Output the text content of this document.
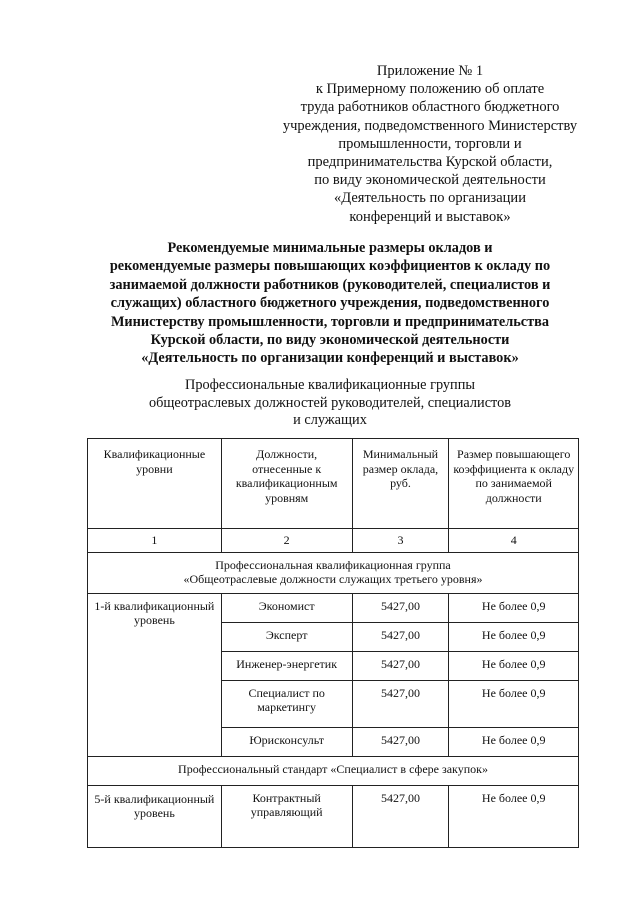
Приложение № 1
к Примерному положению об оплате
труда работников областного бюджетного
учреждения, подведомственного Министерству
промышленности, торговли и
предпринимательства Курской области,
по виду экономической деятельности
«Деятельность по организации
конференций и выставок»
Рекомендуемые минимальные размеры окладов и
рекомендуемые размеры повышающих коэффициентов к окладу по
занимаемой должности работников (руководителей, специалистов и
служащих) областного бюджетного учреждения, подведомственного
Министерству промышленности, торговли и предпринимательства
Курской области, по виду экономической деятельности
«Деятельность по организации конференций и выставок»
Профессиональные квалификационные группы
общеотраслевых должностей руководителей, специалистов
и служащих
Квалификационные уровни	Должности, отнесенные к квалификационным уровням	Минимальный размер оклада, руб.	Размер повышающего коэффициента к окладу по занимаемой должности
1	2	3	4

Профессиональная квалификационная группа
«Общеотраслевые должности служащих третьего уровня»			

1-й квалификационный уровень	Экономист	5427,00	Не более 0,9
	Эксперт	5427,00	Не более 0,9
	Инженер-энергетик	5427,00	Не более 0,9
	Специалист по маркетингу	5427,00	Не более 0,9
	Юрисконсульт	5427,00	Не более 0,9
Профессиональный стандарт «Специалист в сфере закупок»			
5-й квалификационный уровень	Контрактный управляющий	5427,00	Не более 0,9
